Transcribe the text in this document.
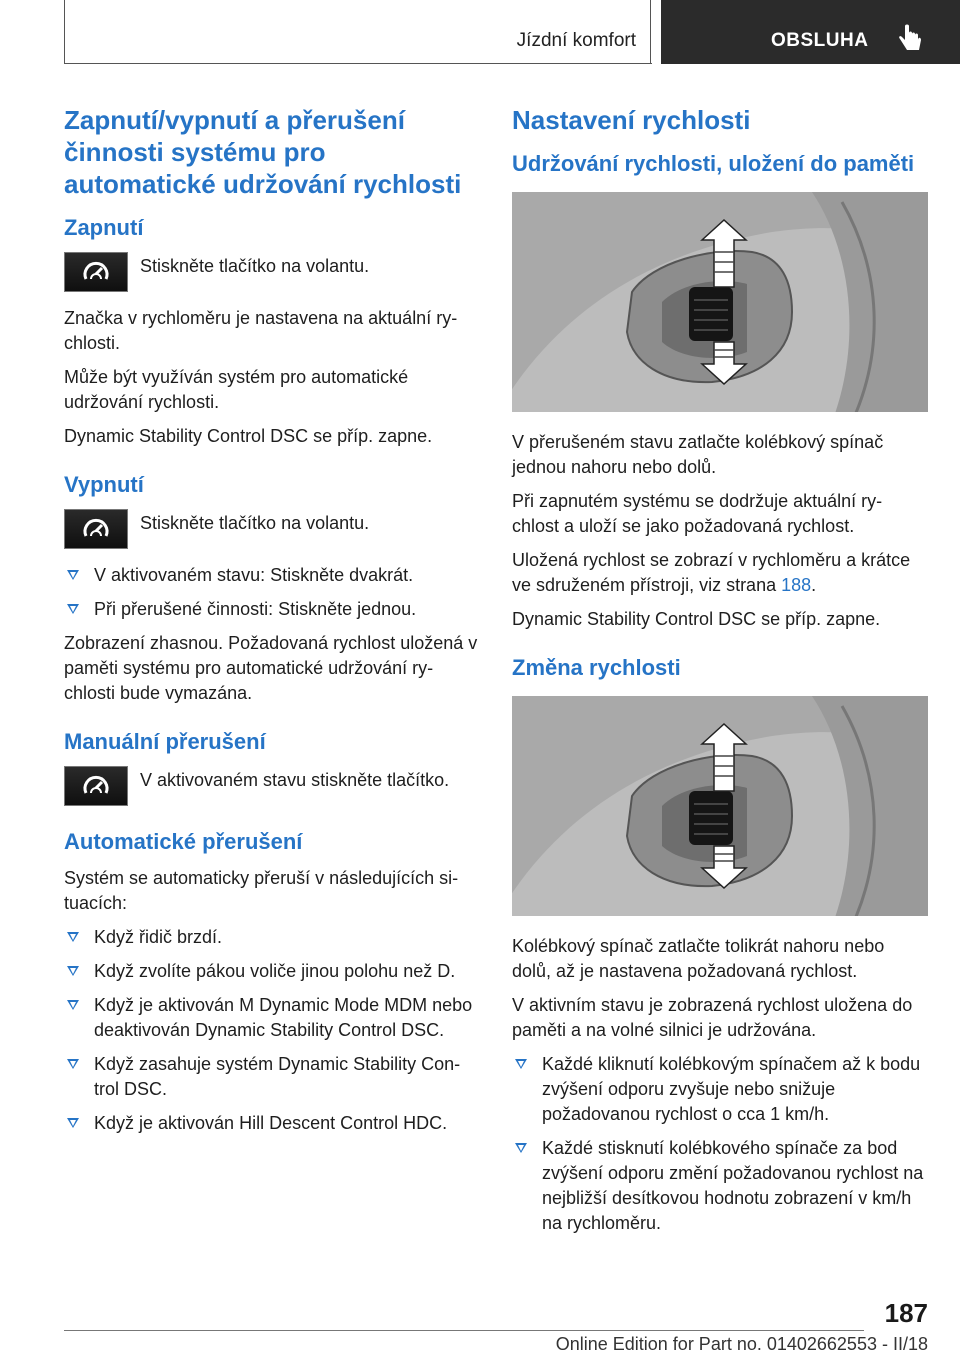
Jízdní komfort	OBSLUHA
Zapnutí/vypnutí a přerušení činnosti systému pro automatické udržování rychlosti
Zapnutí

Stiskněte tlačítko na volantu.

Značka v rychloměru je nastavena na aktuální ry-chlosti.

Může být využíván systém pro automatické udržování rychlosti.

Dynamic Stability Control DSC se příp. zapne.

Vypnutí

Stiskněte tlačítko na volantu.

V aktivovaném stavu: Stiskněte dvakrát.
Při přerušené činnosti: Stiskněte jednou.

Zobrazení zhasnou. Požadovaná rychlost uložená v paměti systému pro automatické udržování ry-chlosti bude vymazána.

Manuální přerušení

V aktivovaném stavu stiskněte tlačítko.

Automatické přerušení

Systém se automaticky přeruší v následujících si-tuacích:

Když řidič brzdí.
Když zvolíte pákou voliče jinou polohu než D.
Když je aktivován M Dynamic Mode MDM nebo deaktivován Dynamic Stability Control DSC.
Když zasahuje systém Dynamic Stability Con-trol DSC.
Když je aktivován Hill Descent Control HDC.
Nastavení rychlosti
Udržování rychlosti, uložení do paměti

V přerušeném stavu zatlačte kolébkový spínač jednou nahoru nebo dolů.

Při zapnutém systému se dodržuje aktuální ry-chlost a uloží se jako požadovaná rychlost.

Uložená rychlost se zobrazí v rychloměru a krátce ve sdruženém přístroji, viz strana 188.

Dynamic Stability Control DSC se příp. zapne.

Změna rychlosti

Kolébkový spínač zatlačte tolikrát nahoru nebo dolů, až je nastavena požadovaná rychlost.

V aktivním stavu je zobrazená rychlost uložena do paměti a na volné silnici je udržována.

Každé kliknutí kolébkovým spínačem až k bodu zvýšení odporu zvyšuje nebo snižuje požadovanou rychlost o cca 1 km/h.
Každé stisknutí kolébkového spínače za bod zvýšení odporu změní požadovanou rychlost na nejbližší desítkovou hodnotu zobrazení v km/h na rychloměru.
187
Online Edition for Part no. 01402662553 - II/18
